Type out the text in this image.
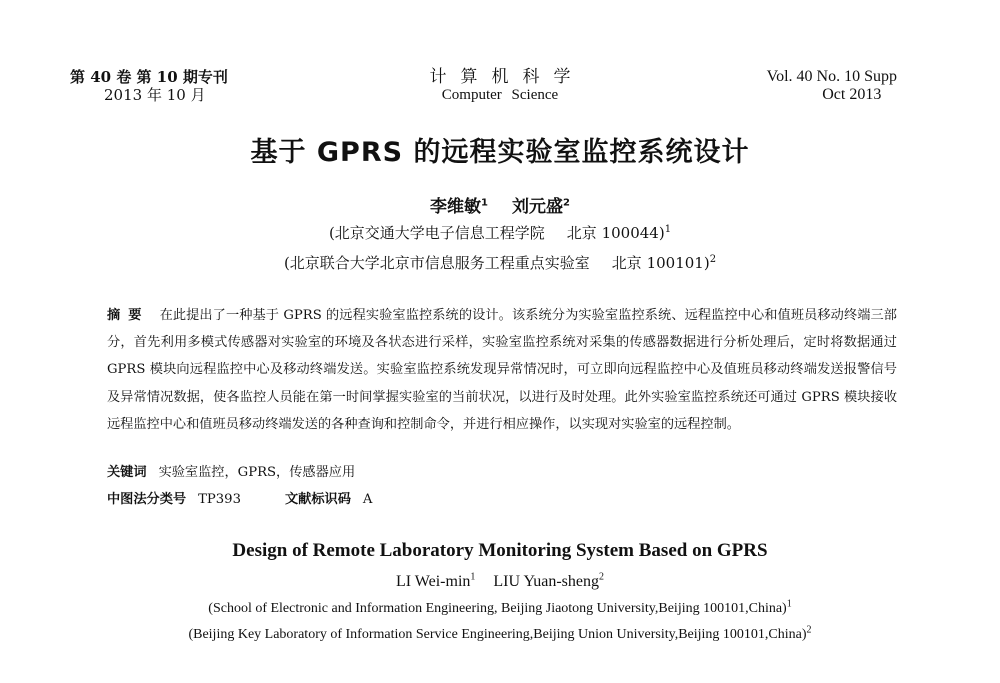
第 40 卷 第 10 期专刊
2013 年 10 月
计算机科学
Computer Science
Vol. 40 No. 10 Supp
Oct 2013
基于 GPRS 的远程实验室监控系统设计
李维敏$^1$ 刘元盛$^2$
(北京交通大学电子信息工程学院 北京 100044)$^1$
(北京联合大学北京市信息服务工程重点实验室 北京 100101)$^2$
摘要 在此提出了一种基于 GPRS 的远程实验室监控系统的设计。该系统分为实验室监控系统、远程监控中心和值班员移动终端三部分，首先利用多模式传感器对实验室的环境及各状态进行采样，实验室监控系统对采集的传感器数据进行分析处理后，定时将数据通过 GPRS 模块向远程监控中心及移动终端发送。实验室监控系统发现异常情况时，可立即向远程监控中心及值班员移动终端发送报警信号及异常情况数据，使各监控人员能在第一时间掌握实验室的当前状况，以进行及时处理。此外实验室监控系统还可通过 GPRS 模块接收远程监控中心和值班员移动终端发送的各种查询和控制命令，并进行相应操作，以实现对实验室的远程控制。
关键词 实验室监控，GPRS，传感器应用
中图法分类号 TP393	文献标识码 A
Design of Remote Laboratory Monitoring System Based on GPRS
LI Wei-$\min^1$ LIU Yuan-sheng$^2$
(School of Electronic and Information Engineering, Beijing Jiaotong University,Beijing 100101,China)$^1$
(Beijing Key Laboratory of Information Service Engineering,Beijing Union University,Beijing 100101,China)$^2$
